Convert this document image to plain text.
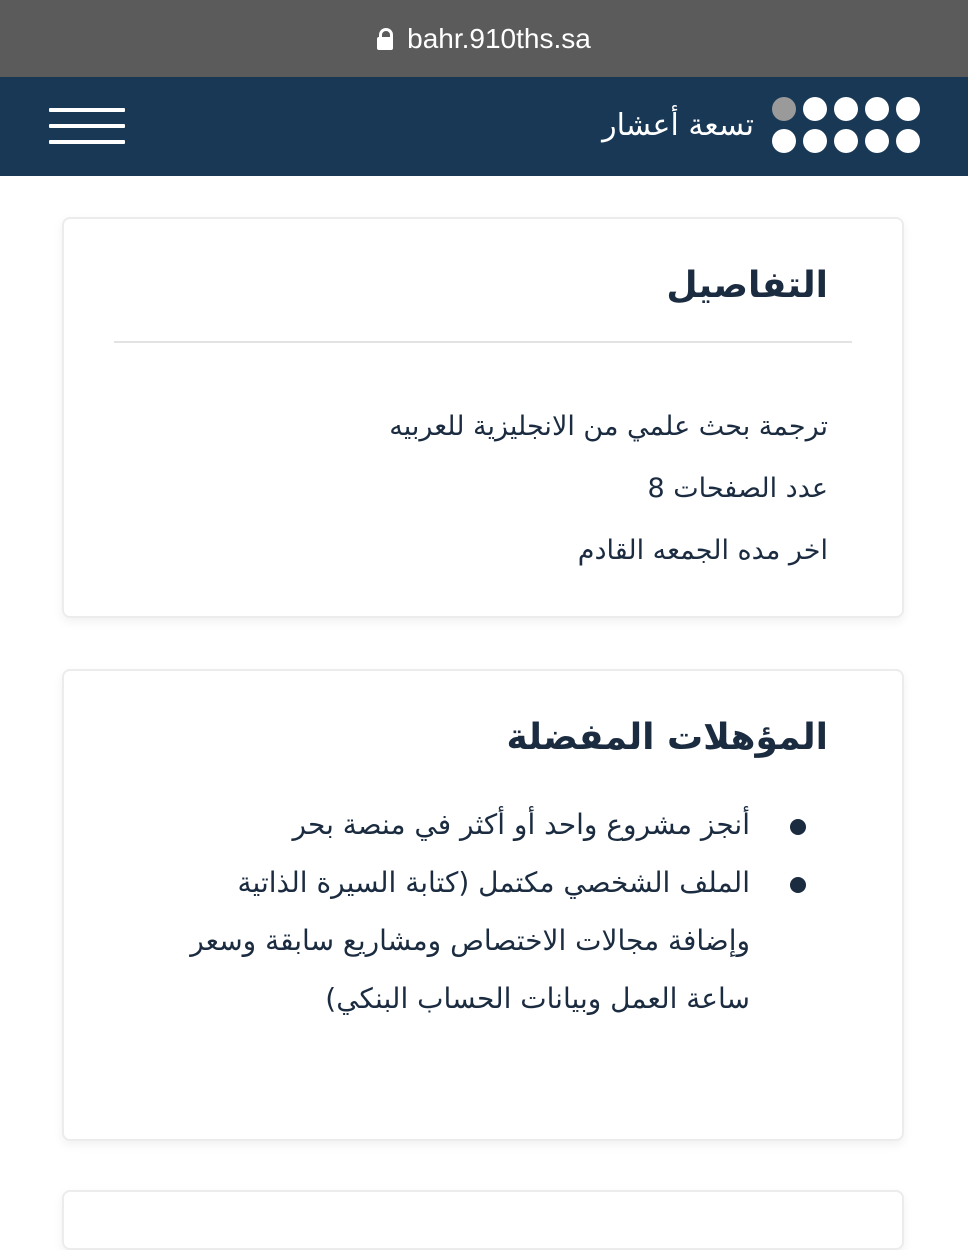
bahr.910ths.sa
تسعة أعشار
التفاصيل
ترجمة بحث علمي من الانجليزية للعربيه
عدد الصفحات 8
اخر مده الجمعه القادم
المؤهلات المفضلة
أنجز مشروع واحد أو أكثر في منصة بحر
الملف الشخصي مكتمل (كتابة السيرة الذاتية وإضافة مجالات الاختصاص ومشاريع سابقة وسعر ساعة العمل وبيانات الحساب البنكي)
